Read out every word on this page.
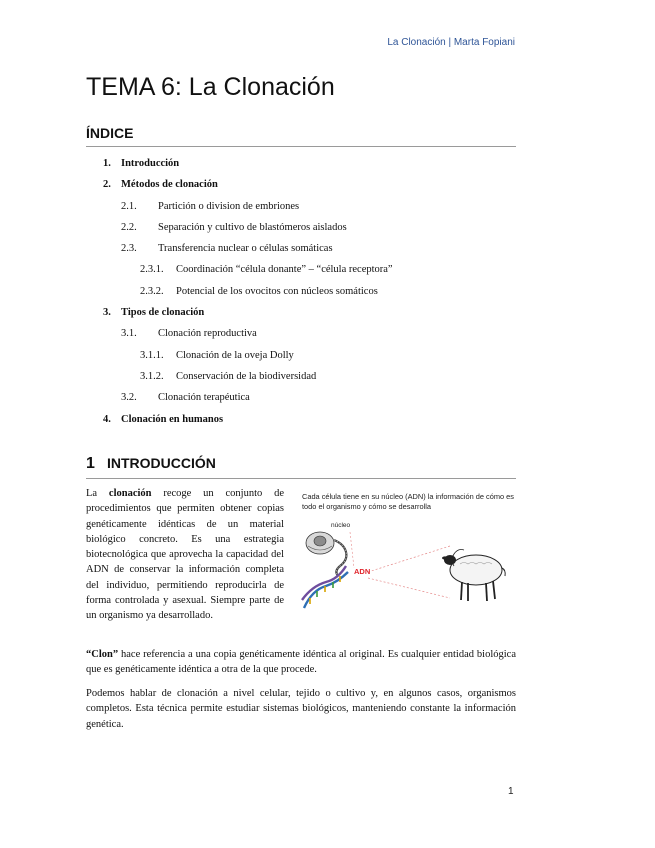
La Clonación | Marta Fopiani
TEMA 6: La Clonación
ÍNDICE
1. Introducción
2. Métodos de clonación
2.1. Partición o division de embriones
2.2. Separación y cultivo de blastómeros aislados
2.3. Transferencia nuclear o células somáticas
2.3.1. Coordinación “célula donante” – “célula receptora”
2.3.2. Potencial de los ovocitos con núcleos somáticos
3. Tipos de clonación
3.1. Clonación reproductiva
3.1.1. Clonación de la oveja Dolly
3.1.2. Conservación de la biodiversidad
3.2. Clonación terapéutica
4. Clonación en humanos
1 INTRODUCCIÓN

La clonación recoge un conjunto de procedimientos que permiten obtener copias genéticamente idénticas de un material biológico concreto. Es una estrategia biotecnológica que aprovecha la capacidad del ADN de conservar la información completa del individuo, permitiendo reproducirla de forma controlada y asexual. Siempre parte de un organismo ya desarrollado.

Cada célula tiene en su núcleo (ADN) la información de cómo es todo el organismo y cómo se desarrolla
núcleo
ADN

“Clon” hace referencia a una copia genéticamente idéntica al original. Es cualquier entidad biológica que es genéticamente idéntica a otra de la que procede.

Podemos hablar de clonación a nivel celular, tejido o cultivo y, en algunos casos, organismos completos. Esta técnica permite estudiar sistemas biológicos, manteniendo constante la información genética.

1
